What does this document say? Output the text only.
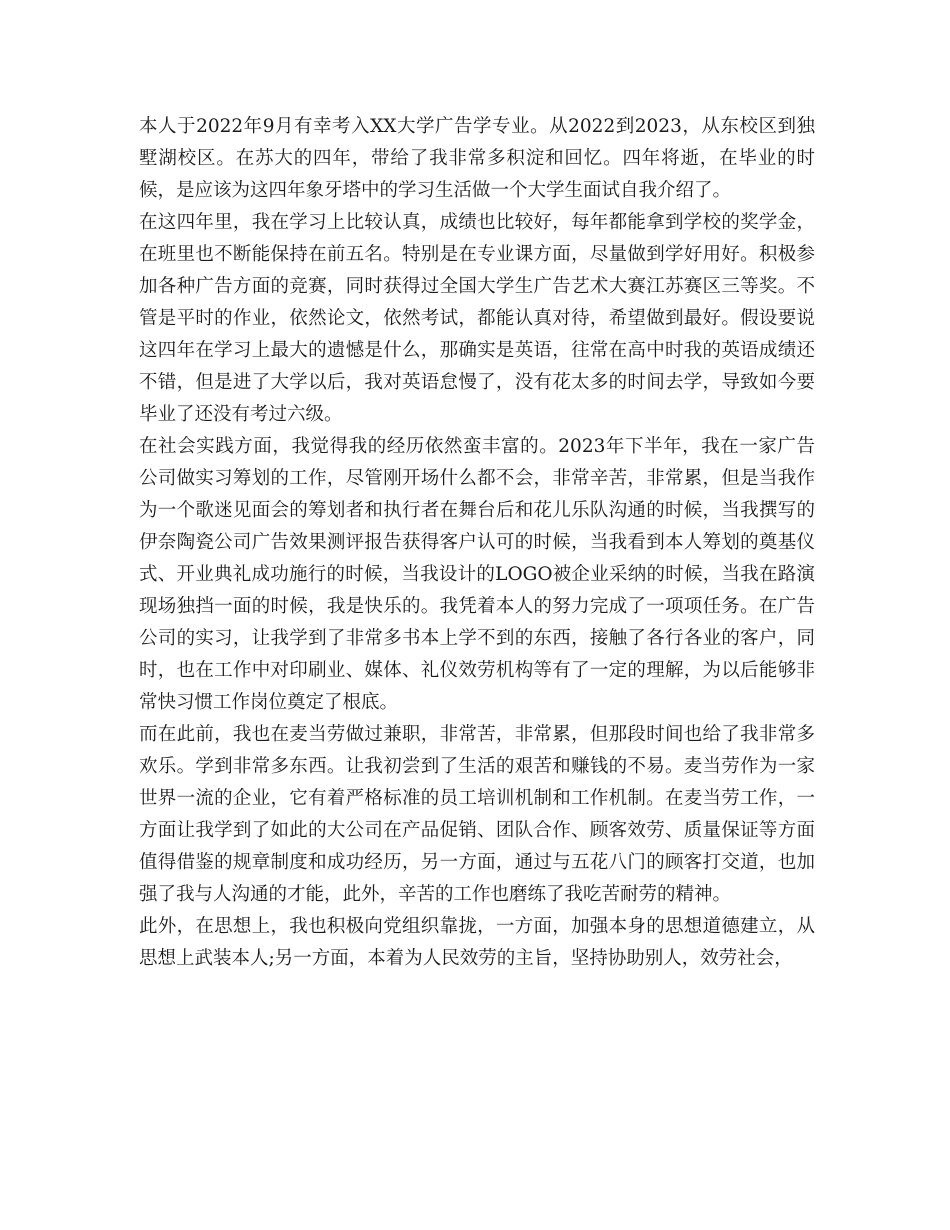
本人于2022年9月有幸考入XX大学广告学专业。从2022到2023，从东校区到独墅湖校区。在苏大的四年，带给了我非常多积淀和回忆。四年将逝，在毕业的时候，是应该为这四年象牙塔中的学习生活做一个大学生面试自我介绍了。

在这四年里，我在学习上比较认真，成绩也比较好，每年都能拿到学校的奖学金，在班里也不断能保持在前五名。特别是在专业课方面，尽量做到学好用好。积极参加各种广告方面的竞赛，同时获得过全国大学生广告艺术大赛江苏赛区三等奖。不管是平时的作业，依然论文，依然考试，都能认真对待，希望做到最好。假设要说这四年在学习上最大的遗憾是什么，那确实是英语，往常在高中时我的英语成绩还不错，但是进了大学以后，我对英语怠慢了，没有花太多的时间去学，导致如今要毕业了还没有考过六级。

在社会实践方面，我觉得我的经历依然蛮丰富的。2023年下半年，我在一家广告公司做实习筹划的工作，尽管刚开场什么都不会，非常辛苦，非常累，但是当我作为一个歌迷见面会的筹划者和执行者在舞台后和花儿乐队沟通的时候，当我撰写的伊奈陶瓷公司广告效果测评报告获得客户认可的时候，当我看到本人筹划的奠基仪式、开业典礼成功施行的时候，当我设计的LOGO被企业采纳的时候，当我在路演现场独挡一面的时候，我是快乐的。我凭着本人的努力完成了一项项任务。在广告公司的实习，让我学到了非常多书本上学不到的东西，接触了各行各业的客户，同时，也在工作中对印刷业、媒体、礼仪效劳机构等有了一定的理解，为以后能够非常快习惯工作岗位奠定了根底。

而在此前，我也在麦当劳做过兼职，非常苦，非常累，但那段时间也给了我非常多欢乐。学到非常多东西。让我初尝到了生活的艰苦和赚钱的不易。麦当劳作为一家世界一流的企业，它有着严格标准的员工培训机制和工作机制。在麦当劳工作，一方面让我学到了如此的大公司在产品促销、团队合作、顾客效劳、质量保证等方面值得借鉴的规章制度和成功经历，另一方面，通过与五花八门的顾客打交道，也加强了我与人沟通的才能，此外，辛苦的工作也磨练了我吃苦耐劳的精神。

此外，在思想上，我也积极向党组织靠拢，一方面，加强本身的思想道德建立，从思想上武装本人;另一方面，本着为人民效劳的主旨，坚持协助别人，效劳社会，
